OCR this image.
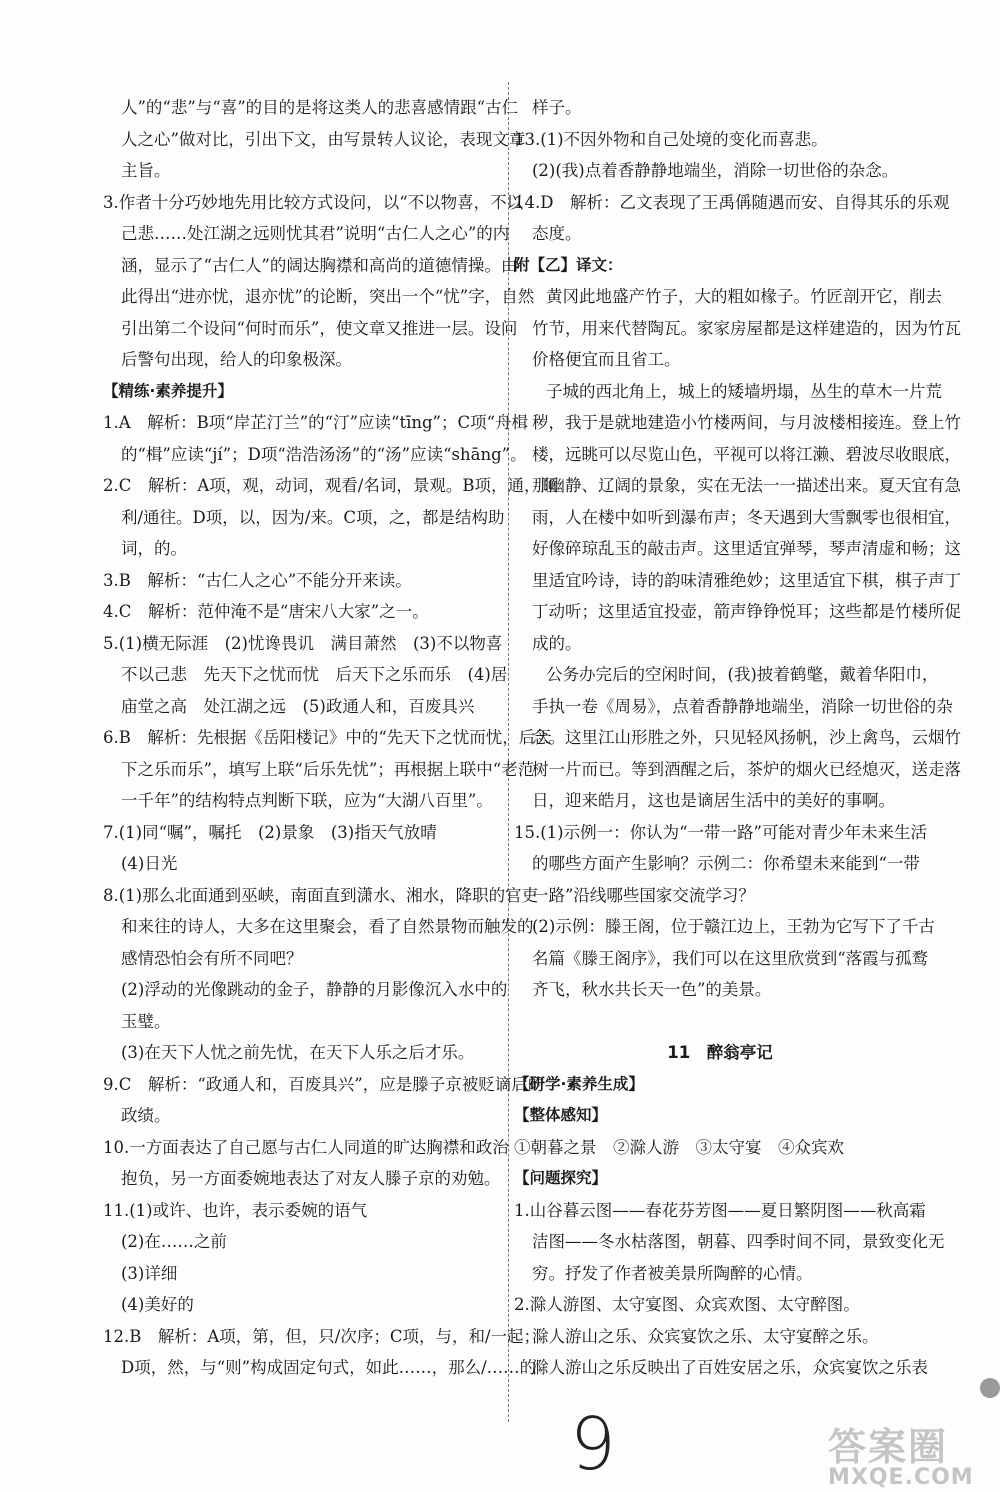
人”的“悲”与“喜”的目的是将这类人的悲喜感情跟“古仁
人之心”做对比，引出下文，由写景转人议论，表现文章
主旨。
3.作者十分巧妙地先用比较方式设问，以“不以物喜，不以
己悲……处江湖之远则忧其君”说明“古仁人之心”的内
涵，显示了“古仁人”的阔达胸襟和高尚的道德情操。由
此得出“进亦忧，退亦忧”的论断，突出一个“忧”字，自然
引出第二个设问“何时而乐”，使文章又推进一层。设问
后警句出现，给人的印象极深。
【精练·素养提升】
1.A　解析：B项“岸芷汀兰”的“汀”应读“tīng”；C项“舟楫
的“楫”应读“jí”；D项“浩浩汤汤”的“汤”应读“shāng”。
2.C　解析：A项，观，动词，观看/名词，景观。B项，通，顺
利/通往。D项，以，因为/来。C项，之，都是结构助
词，的。
3.B　解析：“古仁人之心”不能分开来读。
4.C　解析：范仲淹不是“唐宋八大家”之一。
5.(1)横无际涯　(2)忧谗畏讥　满目萧然　(3)不以物喜
不以己悲　先天下之忧而忧　后天下之乐而乐　(4)居
庙堂之高　处江湖之远　(5)政通人和，百废具兴
6.B　解析：先根据《岳阳楼记》中的“先天下之忧而忧，后天
下之乐而乐”，填写上联“后乐先忧”；再根据上联中“老范
一千年”的结构特点判断下联，应为“大湖八百里”。
7.(1)同“嘱”，嘱托　(2)景象　(3)指天气放晴
(4)日光
8.(1)那么北面通到巫峡，南面直到潇水、湘水，降职的官吏
和来往的诗人，大多在这里聚会，看了自然景物而触发的
感情恐怕会有所不同吧？
(2)浮动的光像跳动的金子，静静的月影像沉入水中的
玉璧。
(3)在天下人忧之前先忧，在天下人乐之后才乐。
9.C　解析：“政通人和，百废具兴”，应是滕子京被贬谪后的
政绩。
10.一方面表达了自己愿与古仁人同道的旷达胸襟和政治
抱负，另一方面委婉地表达了对友人滕子京的劝勉。
11.(1)或许、也许，表示委婉的语气
(2)在……之前
(3)详细
(4)美好的
12.B　解析：A项，第，但，只/次序；C项，与，和/一起；
D项，然，与“则”构成固定句式，如此……，那么/……的
样子。
13.(1)不因外物和自己处境的变化而喜悲。
(2)(我)点着香静静地端坐，消除一切世俗的杂念。
14.D　解析：乙文表现了王禹偁随遇而安、自得其乐的乐观
态度。
附【乙】译文：
黄冈此地盛产竹子，大的粗如椽子。竹匠剖开它，削去
竹节，用来代替陶瓦。家家房屋都是这样建造的，因为竹瓦
价格便宜而且省工。
子城的西北角上，城上的矮墙坍塌，丛生的草木一片荒
秽，我于是就地建造小竹楼两间，与月波楼相接连。登上竹
楼，远眺可以尽览山色，平视可以将江濑、碧波尽收眼底，
那幽静、辽阔的景象，实在无法一一描述出来。夏天宜有急
雨，人在楼中如听到瀑布声；冬天遇到大雪飘零也很相宜，
好像碎琼乱玉的敲击声。这里适宜弹琴，琴声清虚和畅；这
里适宜吟诗，诗的韵味清雅绝妙；这里适宜下棋，棋子声丁
丁动听；这里适宜投壶，箭声铮铮悦耳；这些都是竹楼所促
成的。
公务办完后的空闲时间，(我)披着鹤氅，戴着华阳巾，
手执一卷《周易》，点着香静静地端坐，消除一切世俗的杂
念。这里江山形胜之外，只见轻风扬帆，沙上禽鸟，云烟竹
树一片而已。等到酒醒之后，茶炉的烟火已经熄灭，送走落
日，迎来皓月，这也是谪居生活中的美好的事啊。
15.(1)示例一：你认为“一带一路”可能对青少年未来生活
的哪些方面产生影响？示例二：你希望未来能到“一带
一路”沿线哪些国家交流学习？
(2)示例：滕王阁，位于赣江边上，王勃为它写下了千古
名篇《滕王阁序》，我们可以在这里欣赏到“落霞与孤鹜
齐飞，秋水共长天一色”的美景。
11　醉翁亭记
【研学·素养生成】
【整体感知】
①朝暮之景　②滁人游　③太守宴　④众宾欢
【问题探究】
1.山谷暮云图——春花芬芳图——夏日繁阴图——秋高霜
洁图——冬水枯落图，朝暮、四季时间不同，景致变化无
穷。抒发了作者被美景所陶醉的心情。
2.滁人游图、太守宴图、众宾欢图、太守醉图。
滁人游山之乐、众宾宴饮之乐、太守宴醉之乐。
滁人游山之乐反映出了百姓安居之乐，众宾宴饮之乐表
9	答案圈
MXQE.COM
